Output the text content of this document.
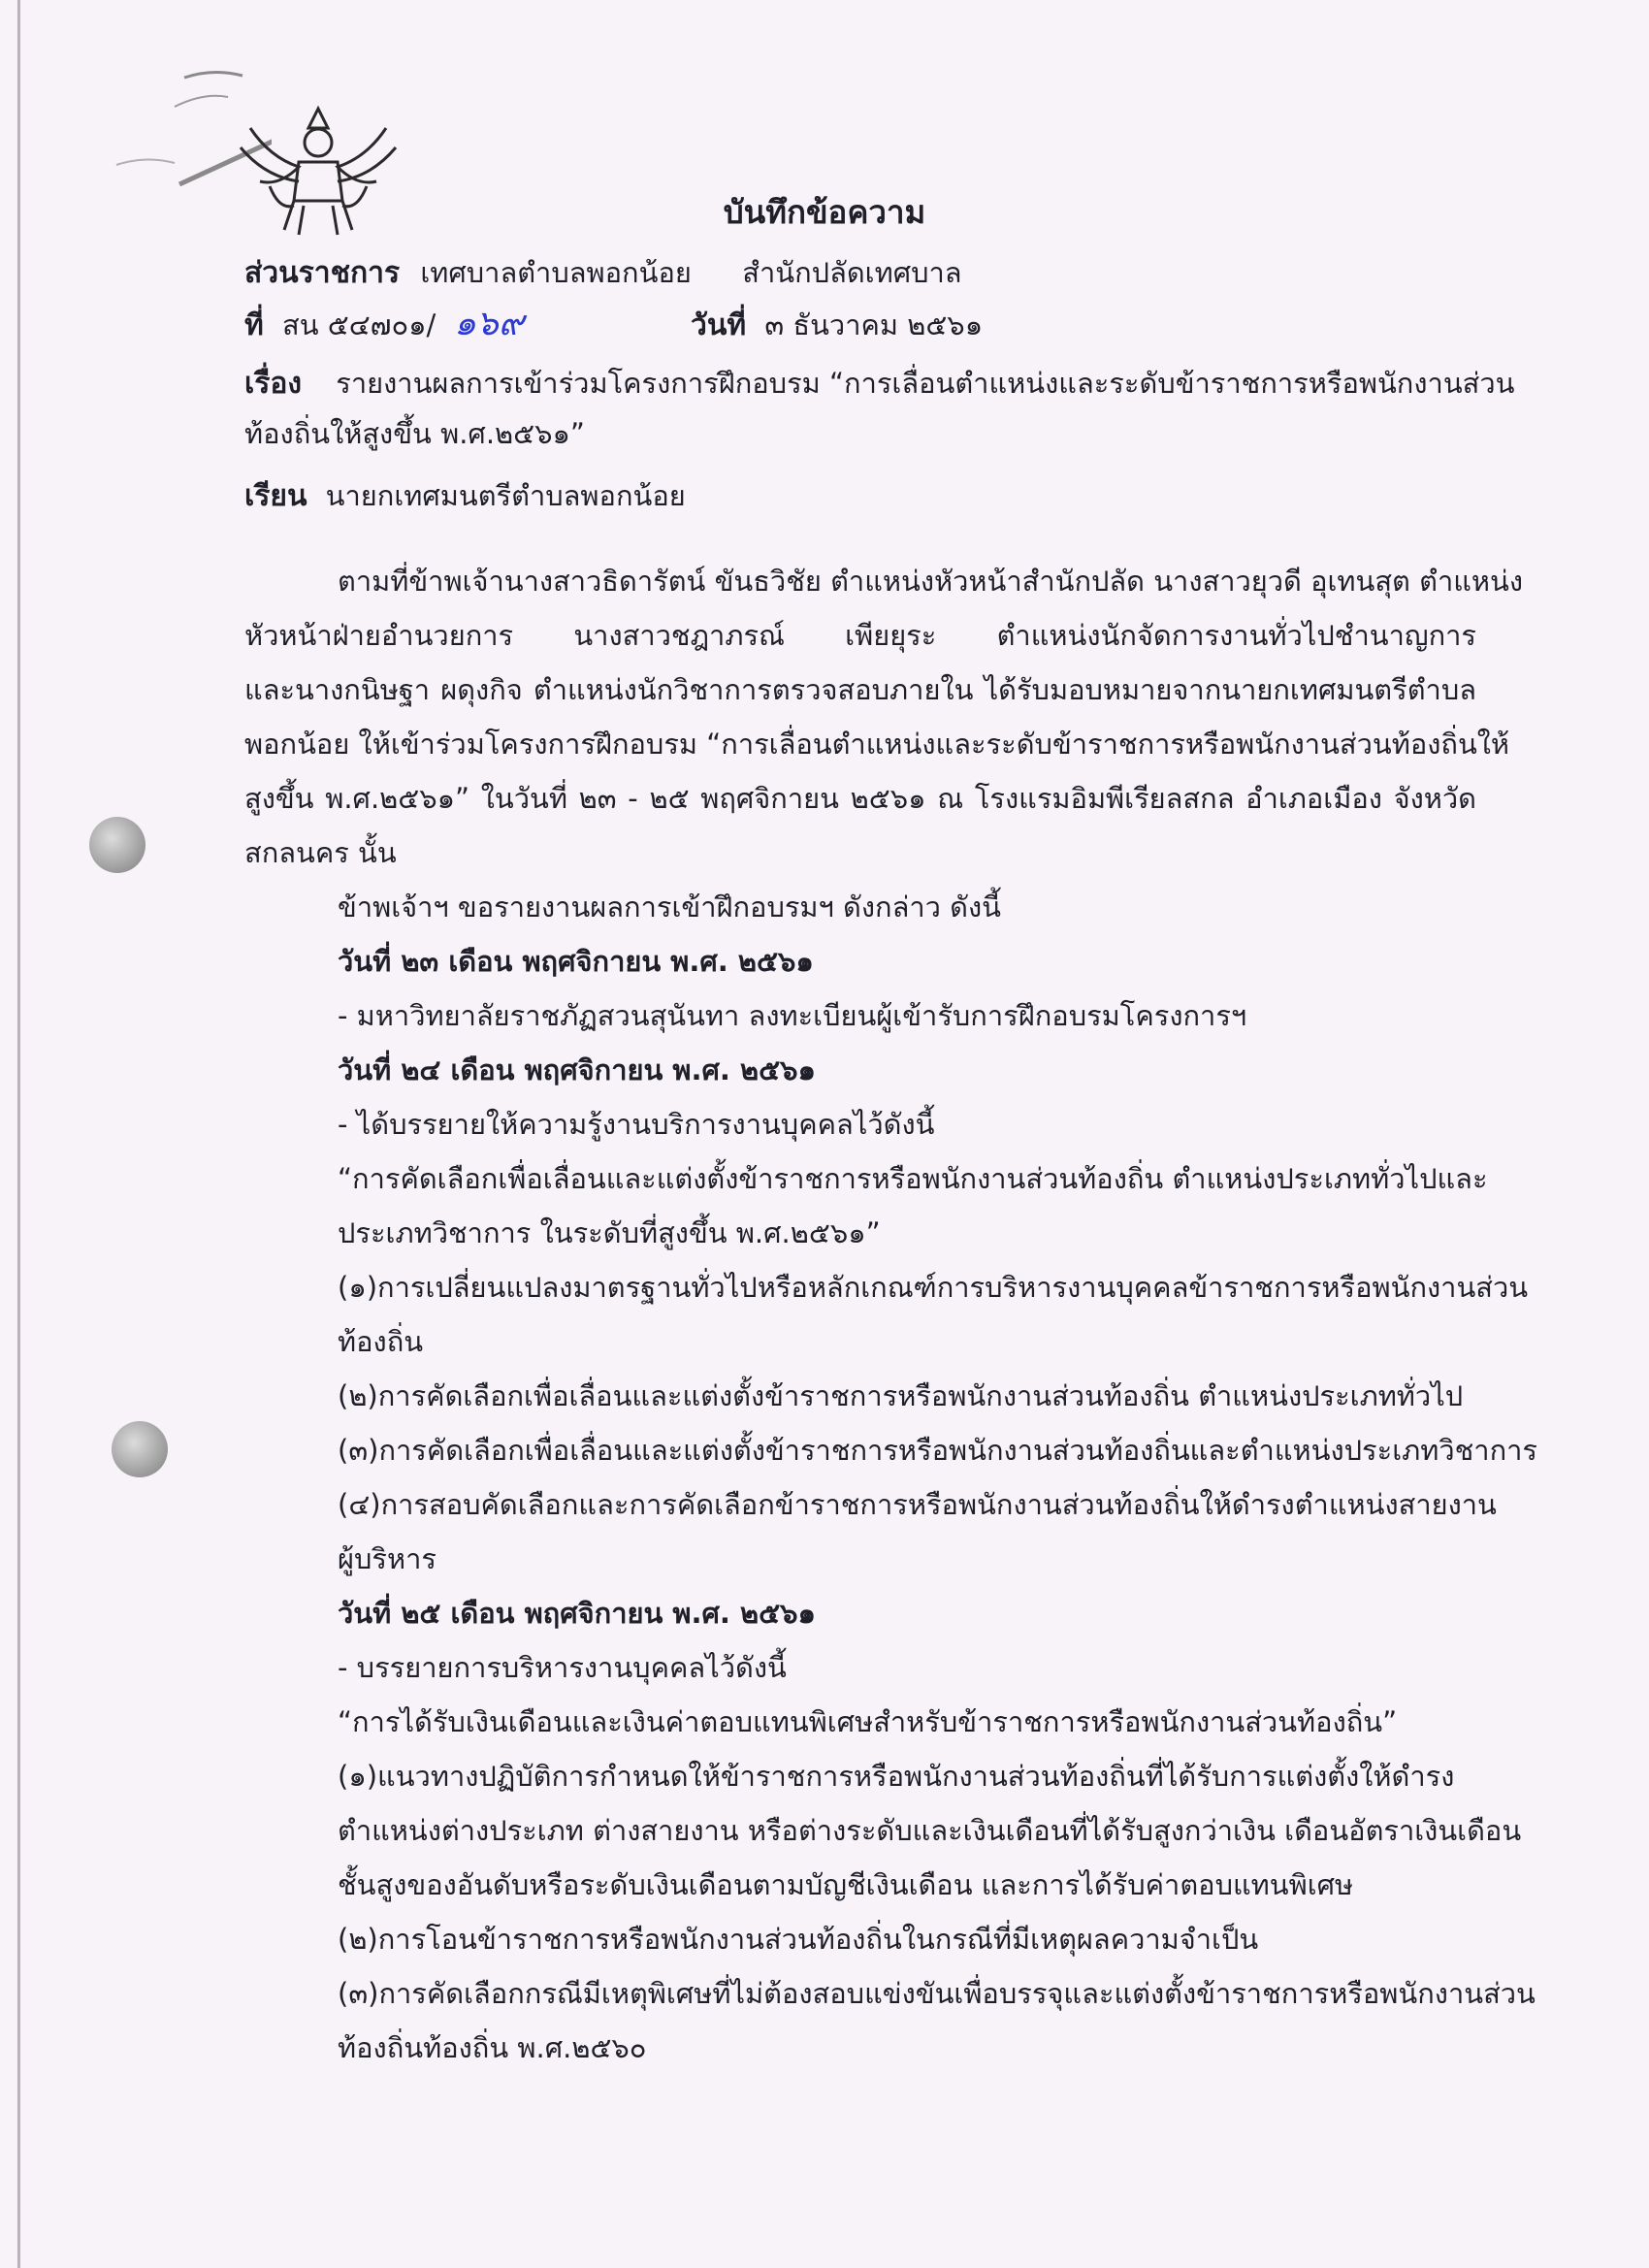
บันทึกข้อความ
ส่วนราชการ เทศบาลตำบลพอกน้อย สำนักปลัดเทศบาล
ที่ สน ๕๔๗๐๑/ ๑๖๙	วันที่ ๓ ธันวาคม ๒๕๖๑
เรื่อง รายงานผลการเข้าร่วมโครงการฝึกอบรม “การเลื่อนตำแหน่งและระดับข้าราชการหรือพนักงานส่วน
ท้องถิ่นให้สูงขึ้น พ.ศ.๒๕๖๑”
เรียน นายกเทศมนตรีตำบลพอกน้อย
ตามที่ข้าพเจ้านางสาวธิดารัตน์ ขันธวิชัย ตำแหน่งหัวหน้าสำนักปลัด นางสาวยุวดี อุเทนสุต ตำแหน่ง
หัวหน้าฝ่ายอำนวยการ นางสาวชฎาภรณ์ เพียยุระ ตำแหน่งนักจัดการงานทั่วไปชำนาญการ
และนางกนิษฐา ผดุงกิจ ตำแหน่งนักวิชาการตรวจสอบภายใน ได้รับมอบหมายจากนายกเทศมนตรีตำบล
พอกน้อย ให้เข้าร่วมโครงการฝึกอบรม “การเลื่อนตำแหน่งและระดับข้าราชการหรือพนักงานส่วนท้องถิ่นให้
สูงขึ้น พ.ศ.๒๕๖๑” ในวันที่ ๒๓ - ๒๕ พฤศจิกายน ๒๕๖๑ ณ โรงแรมอิมพีเรียลสกล อำเภอเมือง จังหวัด
สกลนคร นั้น
ข้าพเจ้าฯ ขอรายงานผลการเข้าฝึกอบรมฯ ดังกล่าว ดังนี้
วันที่ ๒๓ เดือน พฤศจิกายน พ.ศ. ๒๕๖๑
- มหาวิทยาลัยราชภัฏสวนสุนันทา ลงทะเบียนผู้เข้ารับการฝึกอบรมโครงการฯ
วันที่ ๒๔ เดือน พฤศจิกายน พ.ศ. ๒๕๖๑
- ได้บรรยายให้ความรู้งานบริการงานบุคคลไว้ดังนี้
“การคัดเลือกเพื่อเลื่อนและแต่งตั้งข้าราชการหรือพนักงานส่วนท้องถิ่น ตำแหน่งประเภททั่วไปและ
ประเภทวิชาการ ในระดับที่สูงขึ้น พ.ศ.๒๕๖๑”
(๑)การเปลี่ยนแปลงมาตรฐานทั่วไปหรือหลักเกณฑ์การบริหารงานบุคคลข้าราชการหรือพนักงานส่วน
ท้องถิ่น
(๒)การคัดเลือกเพื่อเลื่อนและแต่งตั้งข้าราชการหรือพนักงานส่วนท้องถิ่น ตำแหน่งประเภททั่วไป
(๓)การคัดเลือกเพื่อเลื่อนและแต่งตั้งข้าราชการหรือพนักงานส่วนท้องถิ่นและตำแหน่งประเภทวิชาการ
(๔)การสอบคัดเลือกและการคัดเลือกข้าราชการหรือพนักงานส่วนท้องถิ่นให้ดำรงตำแหน่งสายงาน
ผู้บริหาร
วันที่ ๒๕ เดือน พฤศจิกายน พ.ศ. ๒๕๖๑
- บรรยายการบริหารงานบุคคลไว้ดังนี้
“การได้รับเงินเดือนและเงินค่าตอบแทนพิเศษสำหรับข้าราชการหรือพนักงานส่วนท้องถิ่น”
(๑)แนวทางปฏิบัติการกำหนดให้ข้าราชการหรือพนักงานส่วนท้องถิ่นที่ได้รับการแต่งตั้งให้ดำรง
ตำแหน่งต่างประเภท ต่างสายงาน หรือต่างระดับและเงินเดือนที่ได้รับสูงกว่าเงิน เดือนอัตราเงินเดือน
ชั้นสูงของอันดับหรือระดับเงินเดือนตามบัญชีเงินเดือน และการได้รับค่าตอบแทนพิเศษ
(๒)การโอนข้าราชการหรือพนักงานส่วนท้องถิ่นในกรณีที่มีเหตุผลความจำเป็น
(๓)การคัดเลือกกรณีมีเหตุพิเศษที่ไม่ต้องสอบแข่งขันเพื่อบรรจุและแต่งตั้งข้าราชการหรือพนักงานส่วน
ท้องถิ่นท้องถิ่น พ.ศ.๒๕๖๐
